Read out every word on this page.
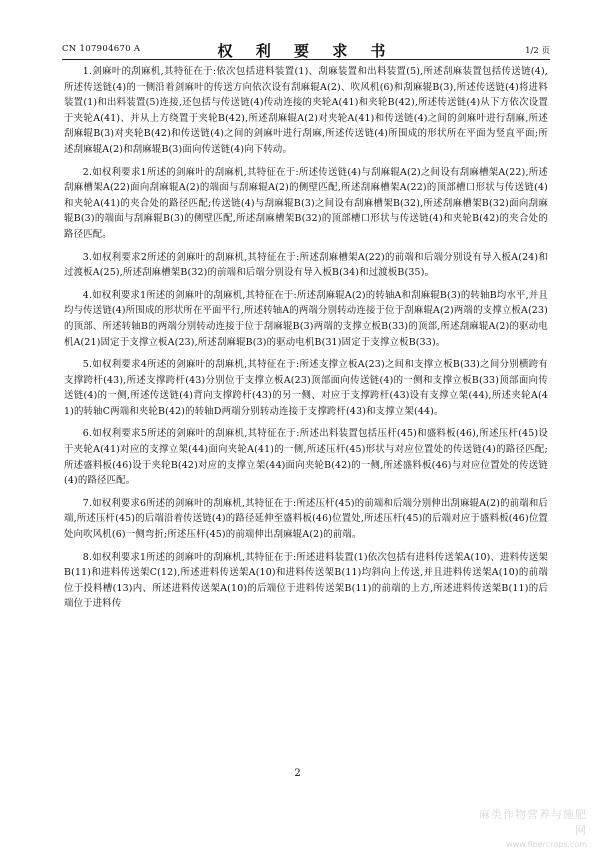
CN 107904670 A	权 利 要 求 书	1/2 页

1.剑麻叶的刮麻机,其特征在于:依次包括进料装置(1)、刮麻装置和出料装置(5),所述刮麻装置包括传送链(4),所述传送链(4)的一侧沿着剑麻叶的传送方向依次设有刮麻辊A(2)、吹风机(6)和刮麻辊B(3),所述传送链(4)将进料装置(1)和出料装置(5)连接,还包括与传送链(4)传动连接的夹轮A(41)和夹轮B(42),所述传送链(4)从下方依次设置于夹轮A(41)、并从上方绕置于夹轮B(42),所述刮麻辊A(2)对夹轮A(41)和传送链(4)之间的剑麻叶进行刮麻,所述刮麻辊B(3)对夹轮B(42)和传送链(4)之间的剑麻叶进行刮麻,所述传送链(4)所围成的形状所在平面为竖直平面;所述刮麻辊A(2)和刮麻辊B(3)面向传送链(4)向下转动。

2.如权利要求1所述的剑麻叶的刮麻机,其特征在于:所述传送链(4)与刮麻辊A(2)之间设有刮麻槽架A(22),所述刮麻槽架A(22)面向刮麻辊A(2)的端面与刮麻辊A(2)的侧壁匹配,所述刮麻槽架A(22)的顶部槽口形状与传送链(4)和夹轮A(41)的夹合处的路径匹配;传送链(4)与刮麻辊B(3)之间设有刮麻槽架B(32),所述刮麻槽架B(32)面向刮麻辊B(3)的端面与刮麻辊B(3)的侧壁匹配,所述刮麻槽架B(32)的顶部槽口形状与传送链(4)和夹轮B(42)的夹合处的路径匹配。

3.如权利要求2所述的剑麻叶的刮麻机,其特征在于:所述刮麻槽架A(22)的前端和后端分别设有导入板A(24)和过渡板A(25),所述刮麻槽架B(32)的前端和后端分别设有导入板B(34)和过渡板B(35)。

4.如权利要求1所述的剑麻叶的刮麻机,其特征在于:所述刮麻辊A(2)的转轴A和刮麻辊B(3)的转轴B均水平,并且均与传送链(4)所围成的形状所在平面平行,所述转轴A的两端分别转动连接于位于刮麻辊A(2)两端的支撑立板A(23)的顶部、所述转轴B的两端分别转动连接于位于刮麻辊B(3)两端的支撑立板B(33)的顶部,所述刮麻辊A(2)的驱动电机A(21)固定于支撑立板A(23),所述刮麻辊B(3)的驱动电机B(31)固定于支撑立板B(33)。

5.如权利要求4所述的剑麻叶的刮麻机,其特征在于:所述支撑立板A(23)之间和支撑立板B(33)之间分别横跨有支撑跨杆(43),所述支撑跨杆(43)分别位于支撑立板A(23)顶部面向传送链(4)的一侧和支撑立板B(33)顶部面向传送链(4)的一侧,所述传送链(4)背向支撑跨杆(43)的另一侧、对应于支撑跨杆(43)设有支撑立架(44),所述夹轮A(41)的转轴C两端和夹轮B(42)的转轴D两端分别转动连接于支撑跨杆(43)和支撑立架(44)。

6.如权利要求5所述的剑麻叶的刮麻机,其特征在于:所述出料装置包括压杆(45)和盛料板(46),所述压杆(45)设于夹轮A(41)对应的支撑立架(44)面向夹轮A(41)的一侧,所述压杆(45)形状与对应位置处的传送链(4)的路径匹配;所述盛料板(46)设于夹轮B(42)对应的支撑立架(44)面向夹轮B(42)的一侧,所述盛料板(46)与对应位置处的传送链(4)的路径匹配。

7.如权利要求6所述的剑麻叶的刮麻机,其特征在于:所述压杆(45)的前端和后端分别伸出刮麻辊A(2)的前端和后端,所述压杆(45)的后端沿着传送链(4)的路径延伸至盛料板(46)位置处,所述压杆(45)的后端对应于盛料板(46)位置处向吹风机(6)一侧弯折;所述压杆(45)的前端伸出刮麻辊A(2)的前端。

8.如权利要求1所述的剑麻叶的刮麻机,其特征在于:所述进料装置(1)依次包括有进料传送架A(10)、进料传送架B(11)和进料传送架C(12),所述进料传送架A(10)和进料传送架B(11)均斜向上传送,并且进料传送架A(10)的前端位于投料槽(13)内、所述进料传送架A(10)的后端位于进料传送架B(11)的前端的上方,所述进料传送架B(11)的后端位于进料传

2
麻类作物营养与施肥网
www.fibercrops.com
